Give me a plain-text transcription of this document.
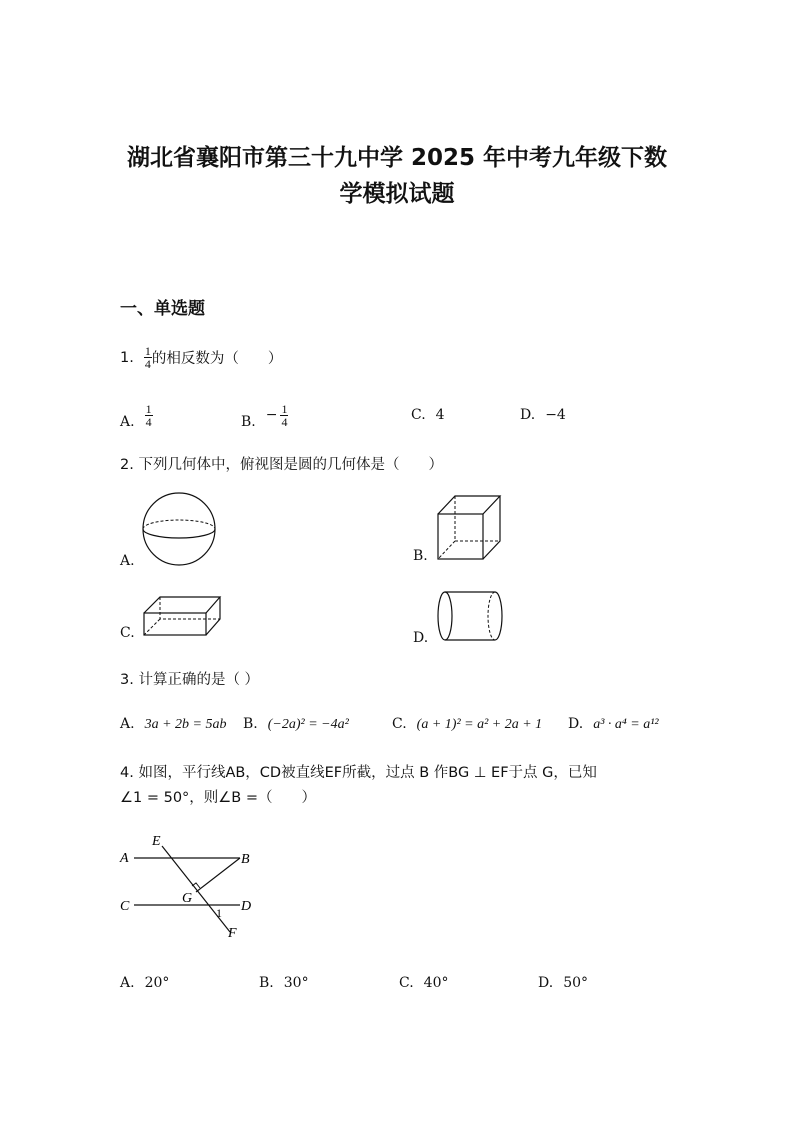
湖北省襄阳市第三十九中学 2025 年中考九年级下数
学模拟试题
一、单选题
1. $\frac{1}{4}$ 的相反数为（　　）
A. $\frac{1}{4}$	B. − $\frac{1}{4}$	C. 4	D. −4
2. 下列几何体中，俯视图是圆的几何体是（　　）
A.	B.
C.	D.
3. 计算正确的是（ ）
A. 3a + 2b = 5ab B. (−2a)² = −4a²	C. (a + 1)² = a² + 2a + 1 D. a³ · a⁴ = a¹²
4. 如图，平行线AB，CD被直线EF所截，过点 B 作BG ⊥ EF于点 G，已知
∠1 = 50°，则∠B =（　　）
E
A	B
C
G
D
1
F
A. 20°	B. 30°	C. 40°	D. 50°
